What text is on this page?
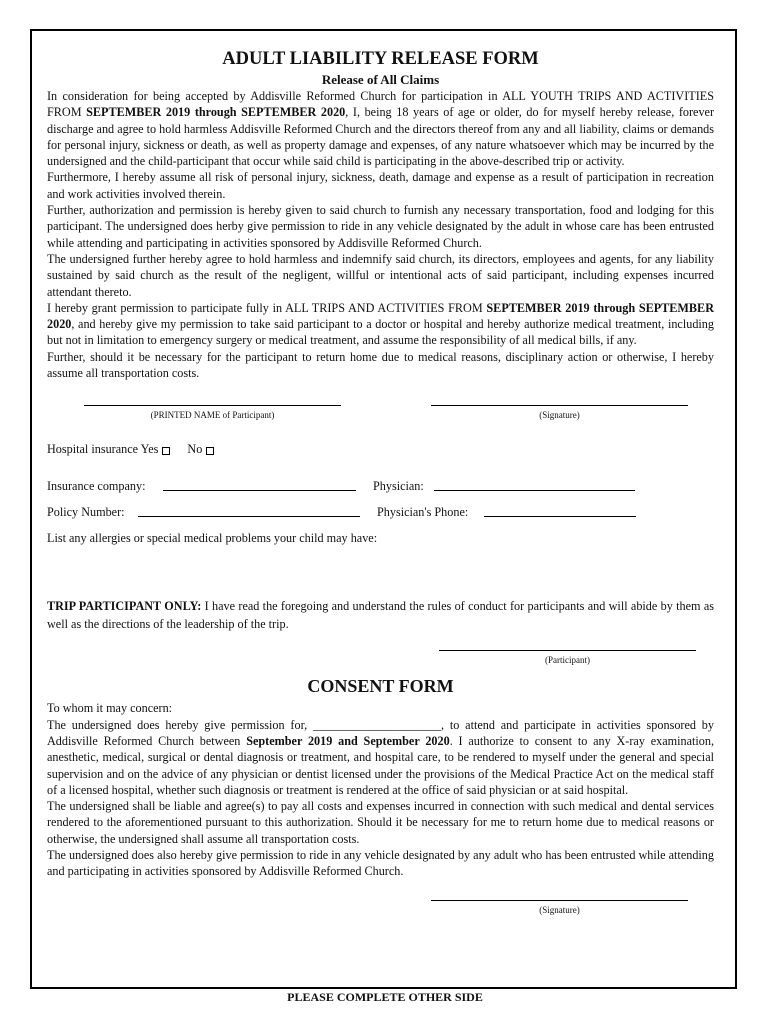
ADULT LIABILITY RELEASE FORM
Release of All Claims

In consideration for being accepted by Addisville Reformed Church for participation in ALL YOUTH TRIPS AND ACTIVITIES FROM SEPTEMBER 2019 through SEPTEMBER 2020, I, being 18 years of age or older, do for myself hereby release, forever discharge and agree to hold harmless Addisville Reformed Church and the directors thereof from any and all liability, claims or demands for personal injury, sickness or death, as well as property damage and expenses, of any nature whatsoever which may be incurred by the undersigned and the child-participant that occur while said child is participating in the above-described trip or activity.

Furthermore, I hereby assume all risk of personal injury, sickness, death, damage and expense as a result of participation in recreation and work activities involved therein.

Further, authorization and permission is hereby given to said church to furnish any necessary transportation, food and lodging for this participant. The undersigned does herby give permission to ride in any vehicle designated by the adult in whose care has been entrusted while attending and participating in activities sponsored by Addisville Reformed Church.

The undersigned further hereby agree to hold harmless and indemnify said church, its directors, employees and agents, for any liability sustained by said church as the result of the negligent, willful or intentional acts of said participant, including expenses incurred attendant thereto.

I hereby grant permission to participate fully in ALL TRIPS AND ACTIVITIES FROM SEPTEMBER 2019 through SEPTEMBER 2020, and hereby give my permission to take said participant to a doctor or hospital and hereby authorize medical treatment, including but not in limitation to emergency surgery or medical treatment, and assume the responsibility of all medical bills, if any.

Further, should it be necessary for the participant to return home due to medical reasons, disciplinary action or otherwise, I hereby assume all transportation costs.

(PRINTED NAME of Participant)	(Signature)
Hospital insurance Yes No
Insurance company:	Physician:
Policy Number:	Physician's Phone:
List any allergies or special medical problems your child may have:

TRIP PARTICIPANT ONLY: I have read the foregoing and understand the rules of conduct for participants and will abide by them as well as the directions of the leadership of the trip.

(Participant)
CONSENT FORM

To whom it may concern:

The undersigned does hereby give permission for, _____________________, to attend and participate in activities sponsored by Addisville Reformed Church between September 2019 and September 2020. I authorize to consent to any X-ray examination, anesthetic, medical, surgical or dental diagnosis or treatment, and hospital care, to be rendered to myself under the general and special supervision and on the advice of any physician or dentist licensed under the provisions of the Medical Practice Act on the medical staff of a licensed hospital, whether such diagnosis or treatment is rendered at the office of said physician or at said hospital.

The undersigned shall be liable and agree(s) to pay all costs and expenses incurred in connection with such medical and dental services rendered to the aforementioned pursuant to this authorization. Should it be necessary for me to return home due to medical reasons or otherwise, the undersigned shall assume all transportation costs.

The undersigned does also hereby give permission to ride in any vehicle designated by any adult who has been entrusted while attending and participating in activities sponsored by Addisville Reformed Church.

(Signature)
PLEASE COMPLETE OTHER SIDE
